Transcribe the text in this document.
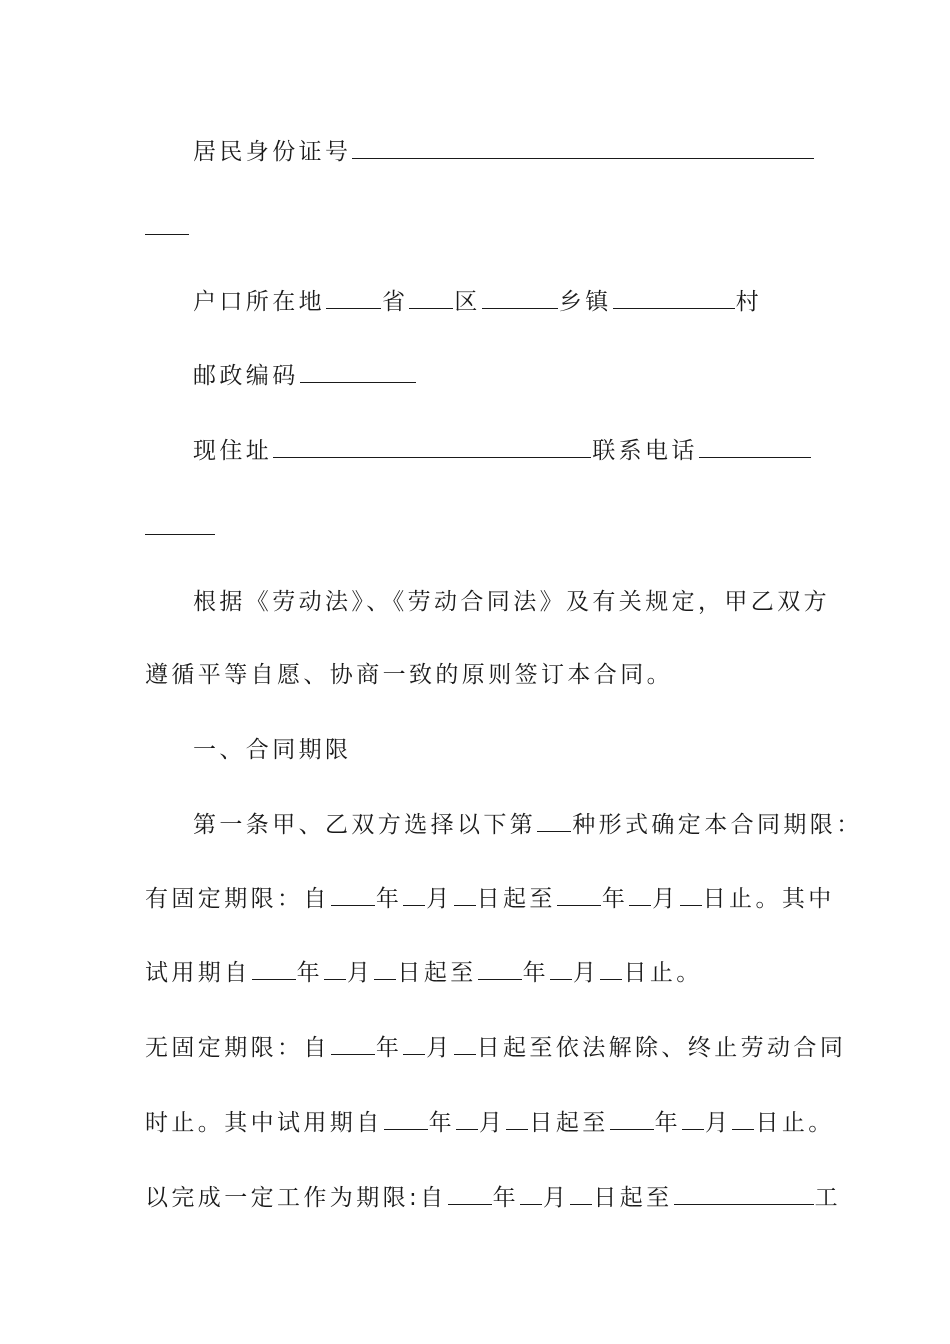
居民身份证号
户口所在地 省 区	乡镇	村
邮政编码
现住址	联系电话
根据《劳动法》、《劳动合同法》及有关规定，甲乙双方
遵循平等自愿、协商一致的原则签订本合同。
一、合同期限
第一条甲、乙双方选择以下第 种形式确定本合同期限：
有固定期限：自 年 月 日起至 年 月 日止。其中
试用期自 年 月 日起至 年 月 日止。
无固定期限：自 年 月 日起至依法解除、终止劳动合同
时止。其中试用期自 年 月 日起至 年 月 日止。
以完成一定工作为期限:自 年 月 日起至	工
